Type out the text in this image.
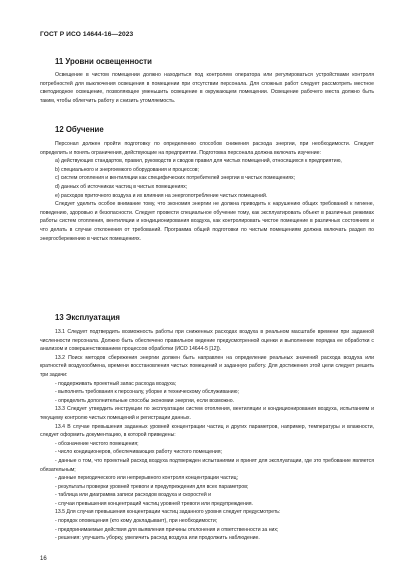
ГОСТ Р ИСО 14644-16—2023
11 Уровни освещенности

Освещение в чистом помещении должно находиться под контролем оператора или регулироваться устройствами контроля потребностей для выключения освещения в помещении при отсутствии персонала. Для сложных работ следует рассмотреть местное светодиодное освещение, позволяющее уменьшить освещение в окружающем помещении. Освещение рабочего места должно быть таким, чтобы облегчить работу и снизить утомляемость.

12 Обучение

Персонал должен пройти подготовку по определению способов снижения расхода энергии, при необходимости. Следует определить и понять ограничения, действующие на предприятии. Подготовка персонала должна включать изучение:

а) действующих стандартов, правил, руководств и сводов правил для чистых помещений, относящихся к предприятию,

b) специального и энергоемкого оборудования и процессов;

с) систем отопления и вентиляции как специфических потребителей энергии в чистых помещениях;

d) данных об источниках частиц в чистых помещениях;

е) расходов приточного воздуха и их влияния на энергопотребление чистых помещений.

Следует уделить особое внимание тому, что экономия энергии не должна приводить к нарушению общих требований к гигиене, поведению, здоровью и безопасности. Следует провести специальное обучение тому, как эксплуатировать объект в различных режимах работы систем отопления, вентиляции и кондиционирования воздуха, как контролировать чистое помещение в различных состояниях и что делать в случае отклонения от требований. Программа общей подготовки по чистым помещениям должна включать раздел по энергосбережению в чистых помещениях.

13 Эксплуатация

13.1 Следует подтвердить возможность работы при сниженных расходах воздуха в реальном масштабе времени при заданной численности персонала. Должно быть обеспечено правильное ведение предусмотренной оценки и выполнение порядка ее обработки с анализом и совершенствованием процессов обработки (ИСО 14644-5 [12]).

13.2 Поиск методов сбережения энергии должен быть направлен на определение реальных значений расхода воздуха или кратностей воздухообмена, времени восстановления чистых помещений и заданную работу. Для достижения этой цели следует решить три задачи:

- поддерживать проектный запас расхода воздуха;

- выполнять требования к персоналу, уборке и техническому обслуживанию;

- определить дополнительные способы экономии энергии, если возможно.

13.3 Следует утвердить инструкции по эксплуатации систем отопления, вентиляции и кондиционирования воздуха, испытаниям и текущему контролю чистых помещений и регистрации данных.

13.4 В случае превышения заданных уровней концентрации частиц и других параметров, например, температуры и влажности, следует оформить документацию, в которой приведены:

- обозначение чистого помещения;

- число кондиционеров, обеспечивающих работу чистого помещения;

- данные о том, что проектный расход воздуха подтвержден испытаниями и принят для эксплуатации, где это требование является обязательным;

- данные периодического или непрерывного контроля концентрации частиц;

- результаты проверки уровней тревоги и предупреждения для всех параметров;

- таблица или диаграмма записи расходов воздуха и скоростей и

- случаи превышения концентраций частиц уровней тревоги или предупреждения.

13.5 Для случая превышения концентрации частиц заданного уровня следует предусмотреть:

- порядок оповещения (кто кому докладывает), при необходимости;

- предпринимаемые действия для выявления причины отклонения и ответственности за них;

- решения: улучшить уборку, увеличить расход воздуха или продолжить наблюдение.

16
